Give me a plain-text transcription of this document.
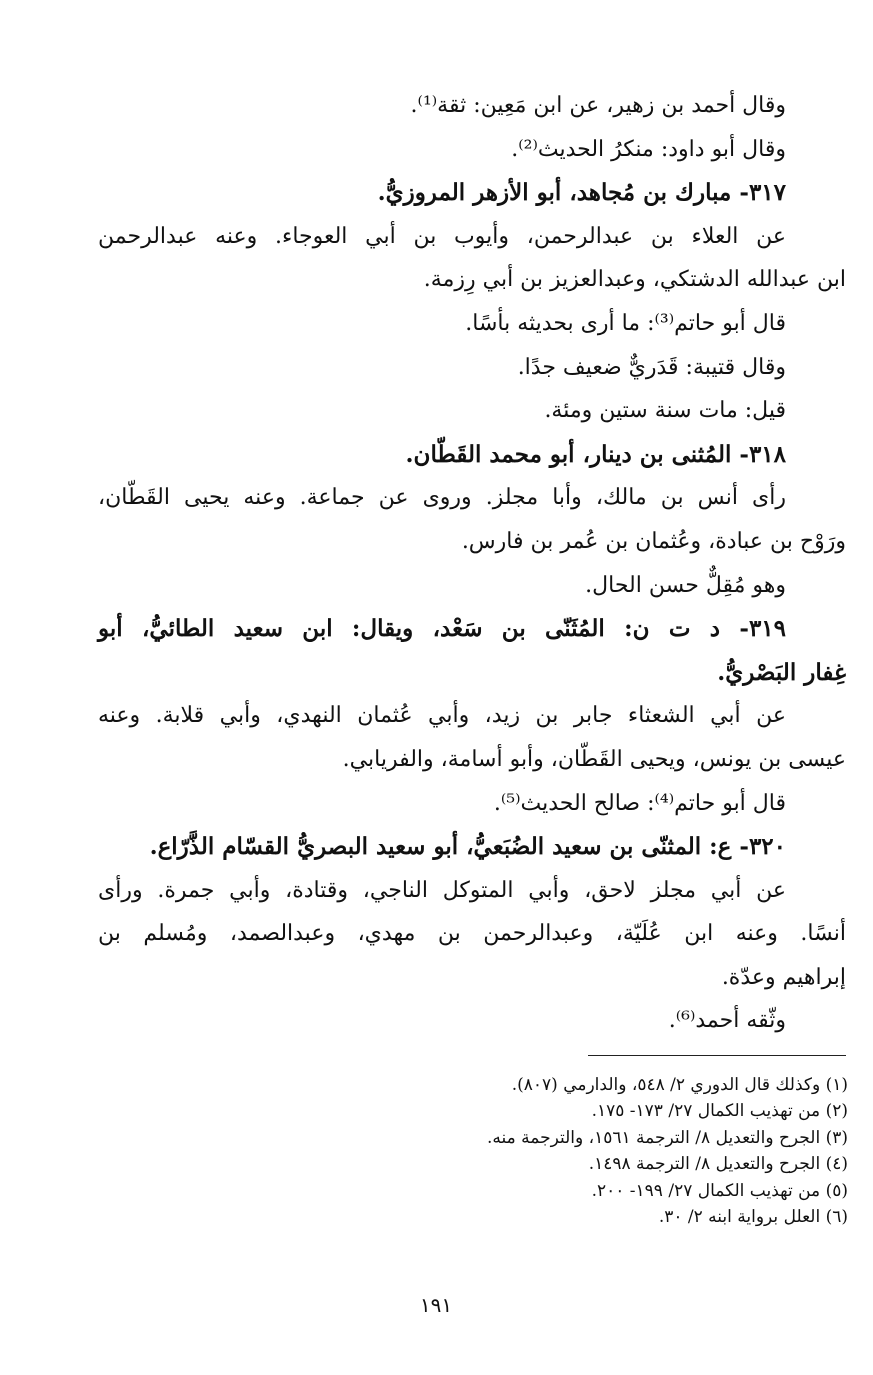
وقال أحمد بن زهير، عن ابن مَعِين: ثقة⁽¹⁾.
وقال أبو داود: منكرُ الحديث⁽²⁾.
٣١٧- مبارك بن مُجاهد، أبو الأزهر المروزيُّ.
عن العلاء بن عبدالرحمن، وأيوب بن أبي العوجاء. وعنه عبدالرحمن
ابن عبدالله الدشتكي، وعبدالعزيز بن أبي رِزمة.
قال أبو حاتم⁽³⁾: ما أرى بحديثه بأسًا.
وقال قتيبة: قَدَريٌّ ضعيف جدًا.
قيل: مات سنة ستين ومئة.
٣١٨- المُثنى بن دينار، أبو محمد القَطّان.
رأى أنس بن مالك، وأبا مجلز. وروى عن جماعة. وعنه يحيى القَطّان،
ورَوْح بن عبادة، وعُثمان بن عُمر بن فارس.
وهو مُقِلٌّ حسن الحال.
٣١٩- د ت ن: المُثَنّى بن سَعْد، ويقال: ابن سعيد الطائيُّ، أبو
غِفار البَصْريُّ.
عن أبي الشعثاء جابر بن زيد، وأبي عُثمان النهدي، وأبي قلابة. وعنه
عيسى بن يونس، ويحيى القَطّان، وأبو أسامة، والفريابي.
قال أبو حاتم⁽⁴⁾: صالح الحديث⁽⁵⁾.
٣٢٠- ع: المثنّى بن سعيد الضُبَعيُّ، أبو سعيد البصريُّ القسّام الذَّرّاع.
عن أبي مجلز لاحق، وأبي المتوكل الناجي، وقتادة، وأبي جمرة. ورأى
أنسًا. وعنه ابن عُلَيّة، وعبدالرحمن بن مهدي، وعبدالصمد، ومُسلم بن
إبراهيم وعدّة.
وثّقه أحمد⁽⁶⁾.
(١) وكذلك قال الدوري ٢/ ٥٤٨، والدارمي (٨٠٧).
(٢) من تهذيب الكمال ٢٧/ ١٧٣- ١٧٥.
(٣) الجرح والتعديل ٨/ الترجمة ١٥٦١، والترجمة منه.
(٤) الجرح والتعديل ٨/ الترجمة ١٤٩٨.
(٥) من تهذيب الكمال ٢٧/ ١٩٩- ٢٠٠.
(٦) العلل برواية ابنه ٢/ ٣٠.
١٩١
